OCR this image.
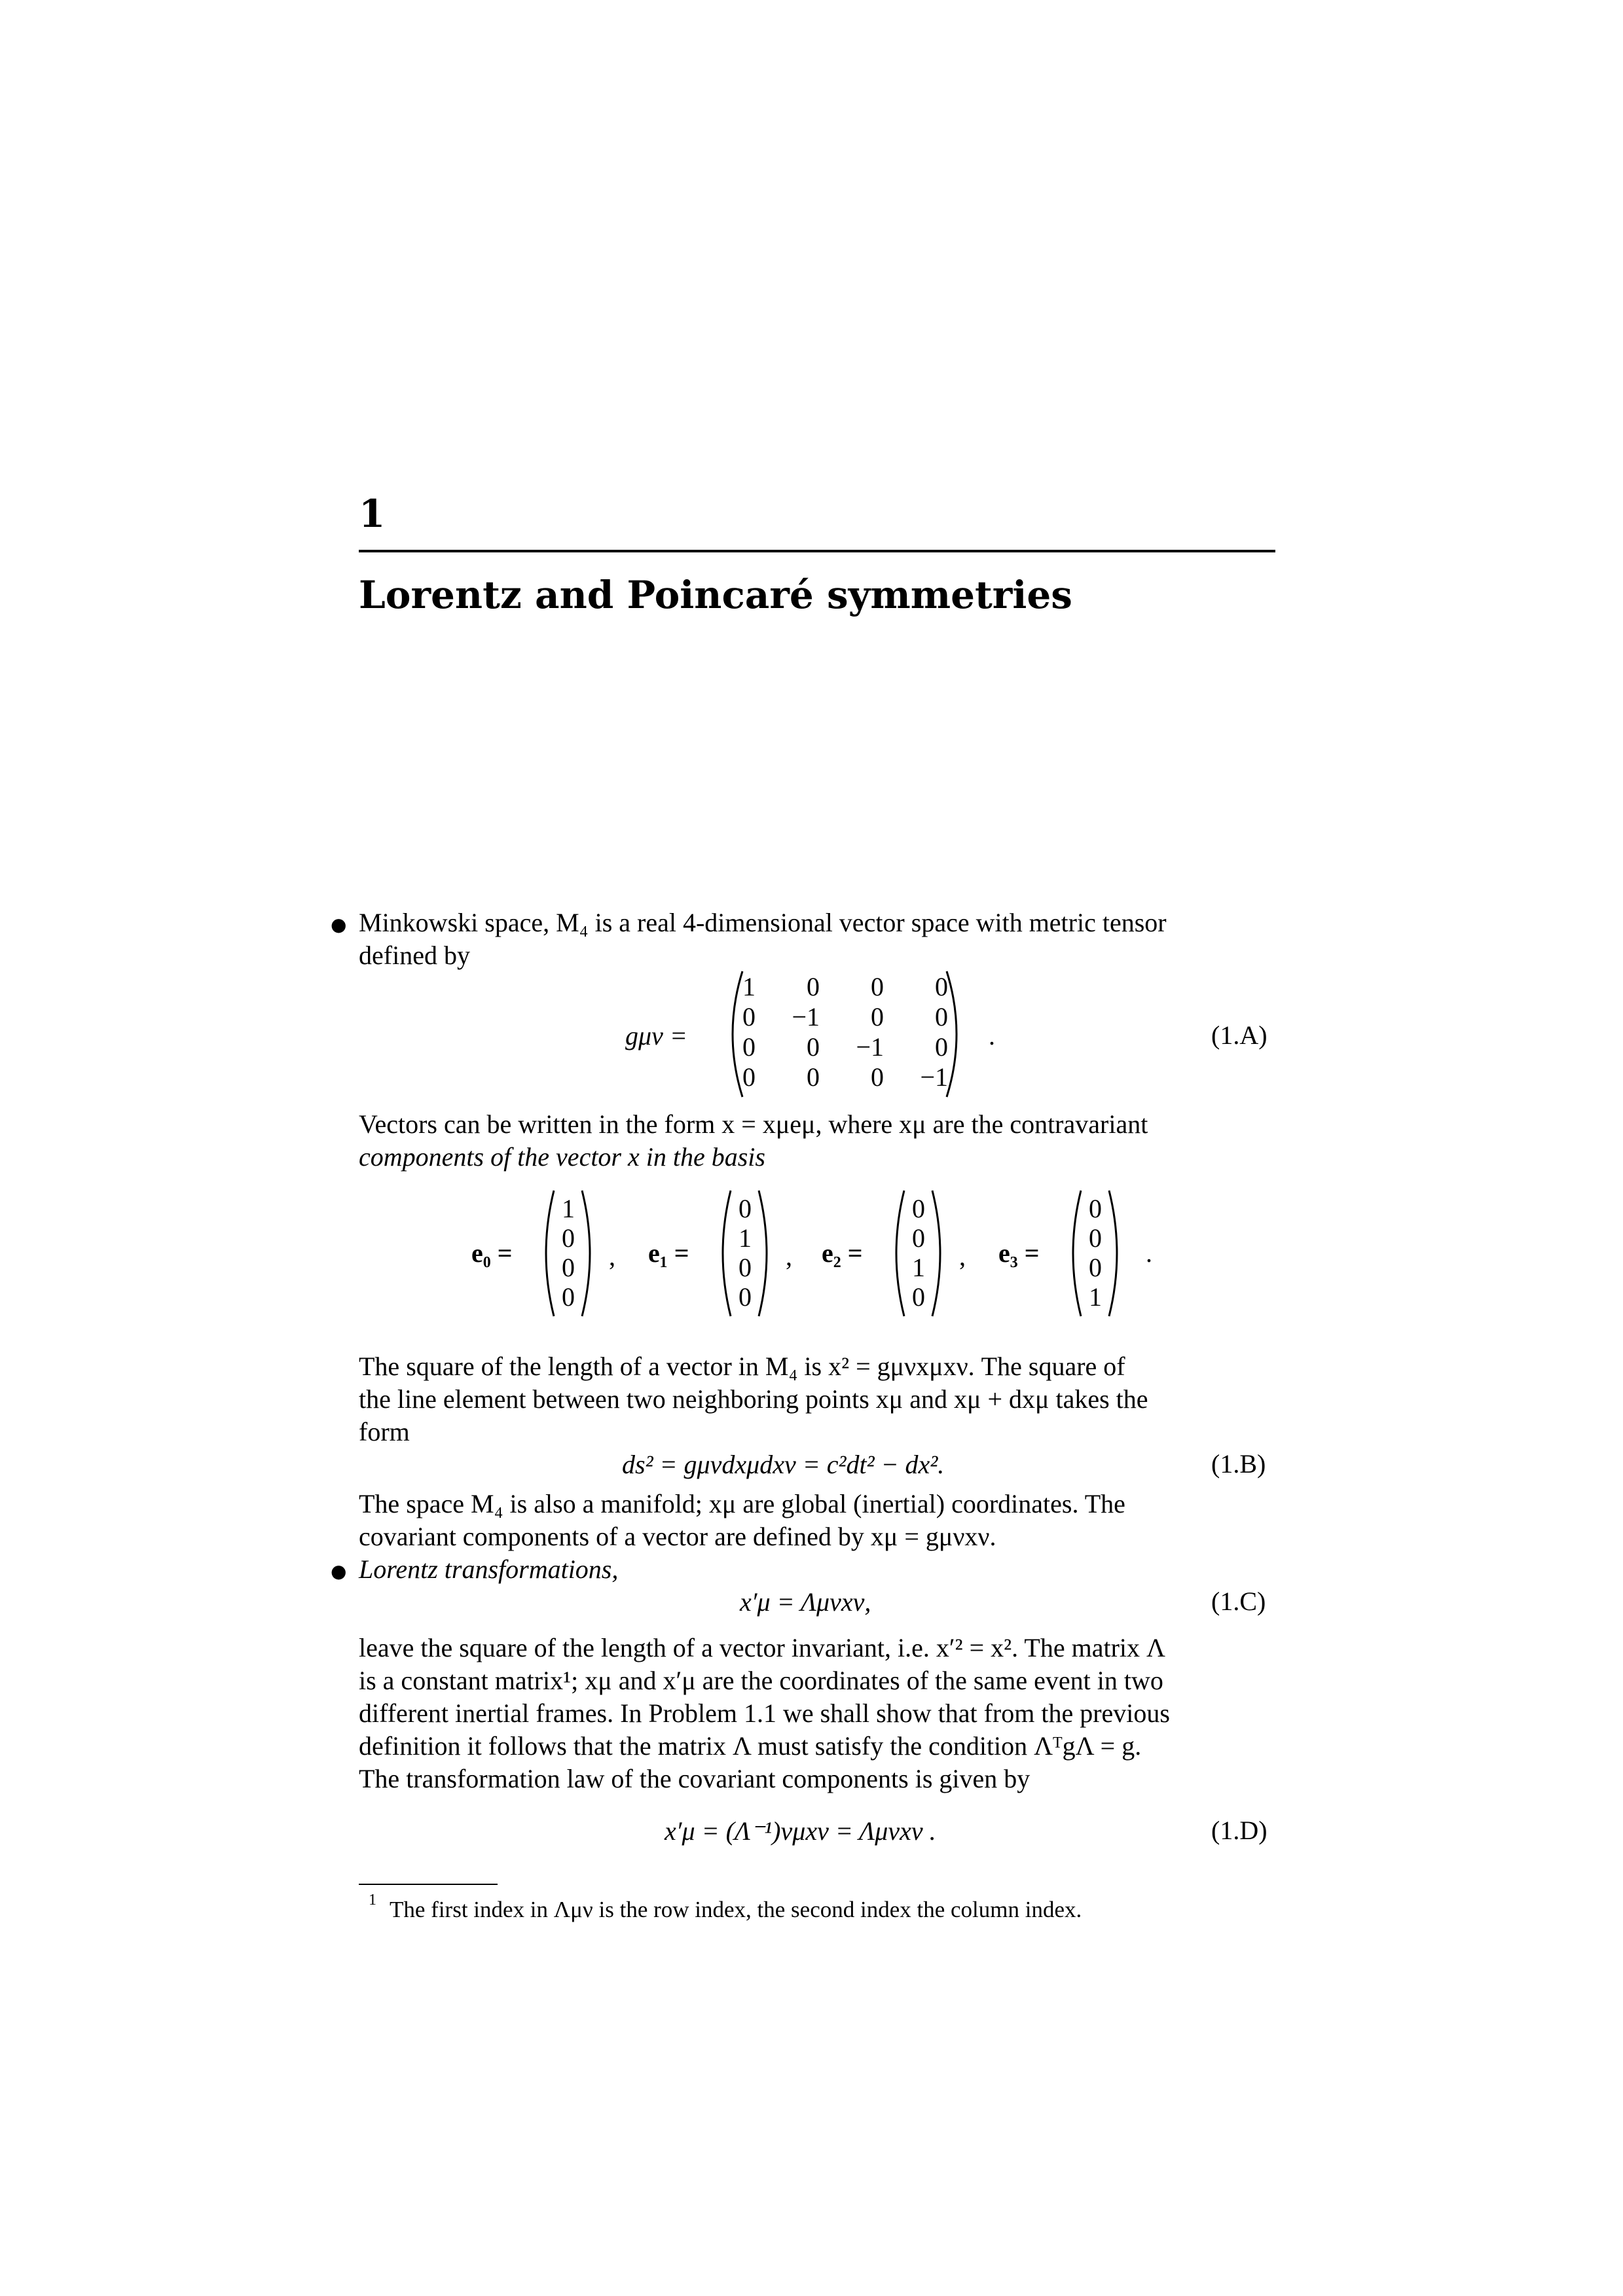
1
Lorentz and Poincaré symmetries
● Minkowski space, M₄ is a real 4-dimensional vector space with metric tensor
defined by
gμν =
1	0	0	0
0	−1	0	0
0	0	−1	0
0	0	0	−1
.	(1.A)
Vectors can be written in the form x = xμeμ, where xμ are the contravariant
components of the vector x in the basis
e₀ =
1
0
0
0
, e₁ =
0
1
0
0
, e₂ =
0
0
1
0
, e₃ =
0
0
0
1
.
The square of the length of a vector in M₄ is x² = gμνxμxν. The square of
the line element between two neighboring points xμ and xμ + dxμ takes the
form
ds² = gμνdxμdxν = c²dt² − dx².	(1.B)
The space M₄ is also a manifold; xμ are global (inertial) coordinates. The
covariant components of a vector are defined by xμ = gμνxν.
● Lorentz transformations,
x′μ = Λμνxν,	(1.C)
leave the square of the length of a vector invariant, i.e. x′² = x². The matrix Λ
is a constant matrix¹; xμ and x′μ are the coordinates of the same event in two
different inertial frames. In Problem 1.1 we shall show that from the previous
definition it follows that the matrix Λ must satisfy the condition ΛᵀgΛ = g.
The transformation law of the covariant components is given by
x′μ = (Λ⁻¹)νμxν = Λμνxν .	(1.D)
1 The first index in Λμν is the row index, the second index the column index.
